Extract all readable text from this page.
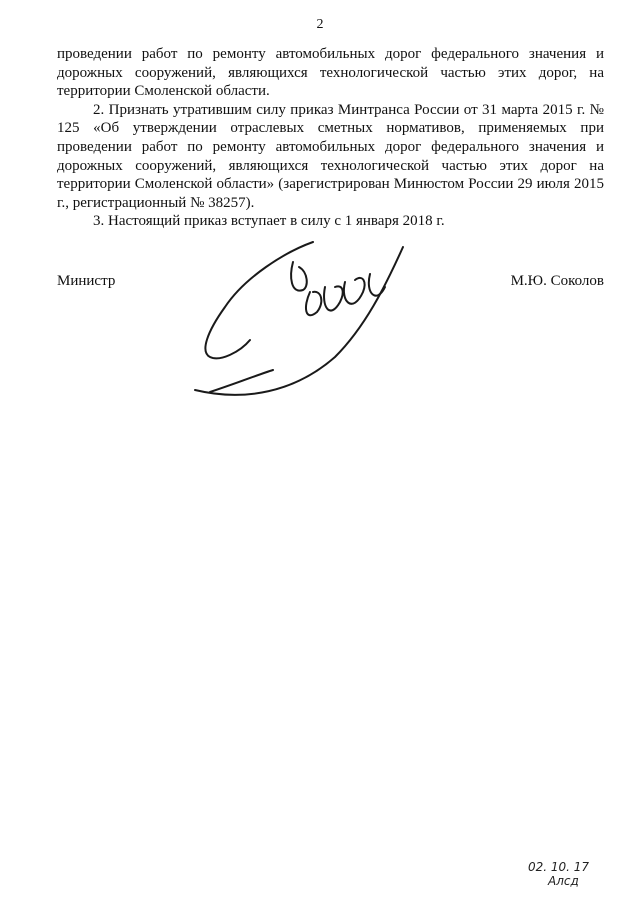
2

проведении работ по ремонту автомобильных дорог федерального значения и дорожных сооружений, являющихся технологической частью этих дорог, на территории Смоленской области.

2. Признать утратившим силу приказ Минтранса России от 31 марта 2015 г. № 125 «Об утверждении отраслевых сметных нормативов, применяемых при проведении работ по ремонту автомобильных дорог федерального значения и дорожных сооружений, являющихся технологической частью этих дорог на территории Смоленской области» (зарегистрирован Минюстом России 29 июля 2015 г., регистрационный № 38257).

3. Настоящий приказ вступает в силу с 1 января 2018 г.

Министр	М.Ю. Соколов
02. 10. 17
Алсд
